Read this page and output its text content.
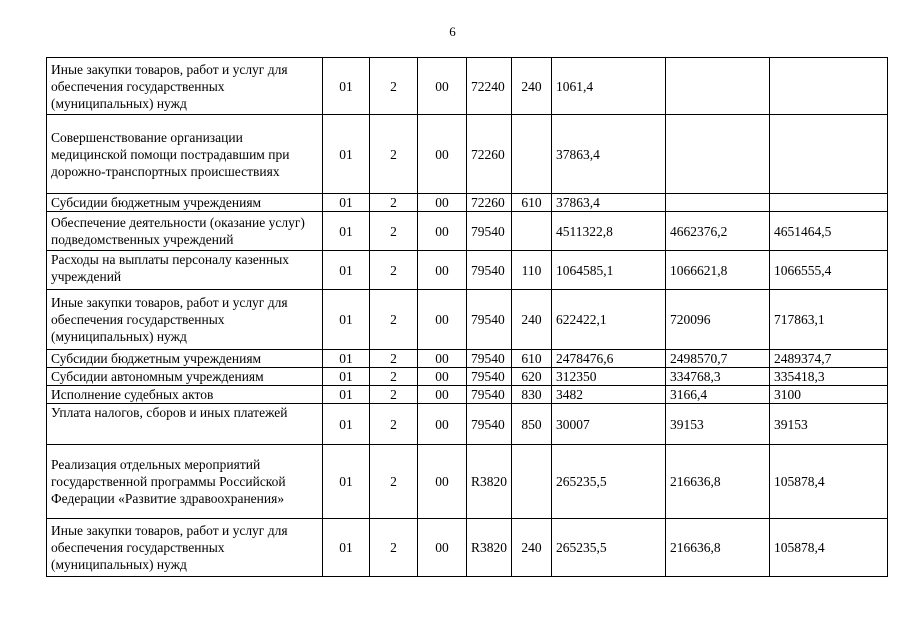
6
Иные закупки товаров, работ и услуг для обеспечения государственных (муниципальных) нужд	01	2	00	72240	240	1061,4		
Совершенствование организации медицинской помощи пострадавшим при дорожно-транспортных происшествиях	01	2	00	72260		37863,4		
Субсидии бюджетным учреждениям	01	2	00	72260	610	37863,4		
Обеспечение деятельности (оказание услуг) подведомственных учреждений	01	2	00	79540		4511322,8	4662376,2	4651464,5
Расходы на выплаты персоналу казенных учреждений	01	2	00	79540	110	1064585,1	1066621,8	1066555,4
Иные закупки товаров, работ и услуг для обеспечения государственных (муниципальных) нужд	01	2	00	79540	240	622422,1	720096	717863,1
Субсидии бюджетным учреждениям	01	2	00	79540	610	2478476,6	2498570,7	2489374,7
Субсидии автономным учреждениям	01	2	00	79540	620	312350	334768,3	335418,3
Исполнение судебных актов	01	2	00	79540	830	3482	3166,4	3100
Уплата налогов, сборов и иных платежей	01	2	00	79540	850	30007	39153	39153
Реализация отдельных мероприятий государственной программы Российской Федерации «Развитие здравоохранения»	01	2	00	R3820		265235,5	216636,8	105878,4
Иные закупки товаров, работ и услуг для обеспечения государственных (муниципальных) нужд	01	2	00	R3820	240	265235,5	216636,8	105878,4
